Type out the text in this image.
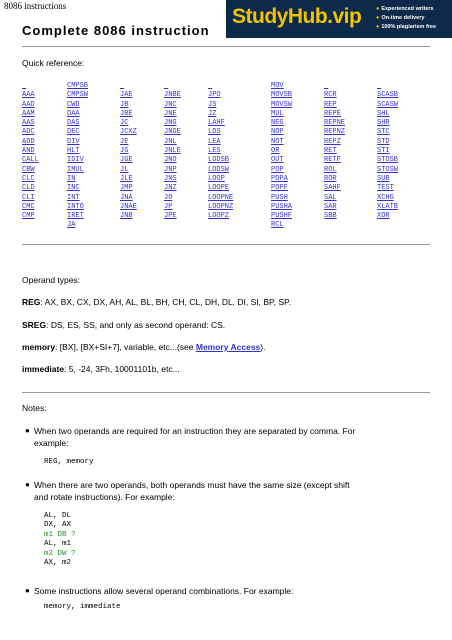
8086 instructions	StudyHub.vip	● Experienced writers
● On-time delivery
● 100% plagiarism free
Complete 8086 instruction
Quick reference:

AAA
AAD
AAM
AAS
ADC
ADD
AND
CALL
CBW
CLC
CLD
CLI
CMC
CMP
CMPSB
CMPSW
CWD
DAA
DAS
DEC
DIV
HLT
IDIV
IMUL
IN
INC
INT
INTO
IRET
JA

JAE
JB
JBE
JC
JCXZ
JE
JG
JGE
JL
JLE
JMP
JNA
JNAE
JNB

JNBE
JNC
JNE
JNG
JNGE
JNL
JNLE
JNO
JNP
JNS
JNZ
JO
JP
JPE

JPO
JS
JZ
LAHF
LDS
LEA
LES
LODSB
LODSW
LOOP
LOOPE
LOOPNE
LOOPNZ
LOOPZ
MOV
MOVSB
MOVSW
MUL
NEG
NOP
NOT
OR
OUT
POP
POPA
POPF
PUSH
PUSHA
PUSHF
RCL

RCR
REP
REPE
REPNE
REPNZ
REPZ
RET
RETF
ROL
ROR
SAHF
SAL
SAR
SBB

SCASB
SCASW
SHL
SHR
STC
STD
STI
STOSB
STOSW
SUB
TEST
XCHG
XLATB
XOR
Operand types:
REG: AX, BX, CX, DX, AH, AL, BL, BH, CH, CL, DH, DL, DI, SI, BP, SP.
SREG: DS, ES, SS, and only as second operand: CS.
memory: [BX], [BX+SI+7], variable, etc...(see Memory Access).
immediate: 5, -24, 3Fh, 10001101b, etc...
Notes:
● When two operands are required for an instruction they are separated by comma. For
example:
REG, memory
● When there are two operands, both operands must have the same size (except shift
and rotate instructions). For example:
AL, DL
DX, AX
m1 DB ?
AL, m1
m2 DW ?
AX, m2
● Some instructions allow several operand combinations. For example:
memory, immediate
